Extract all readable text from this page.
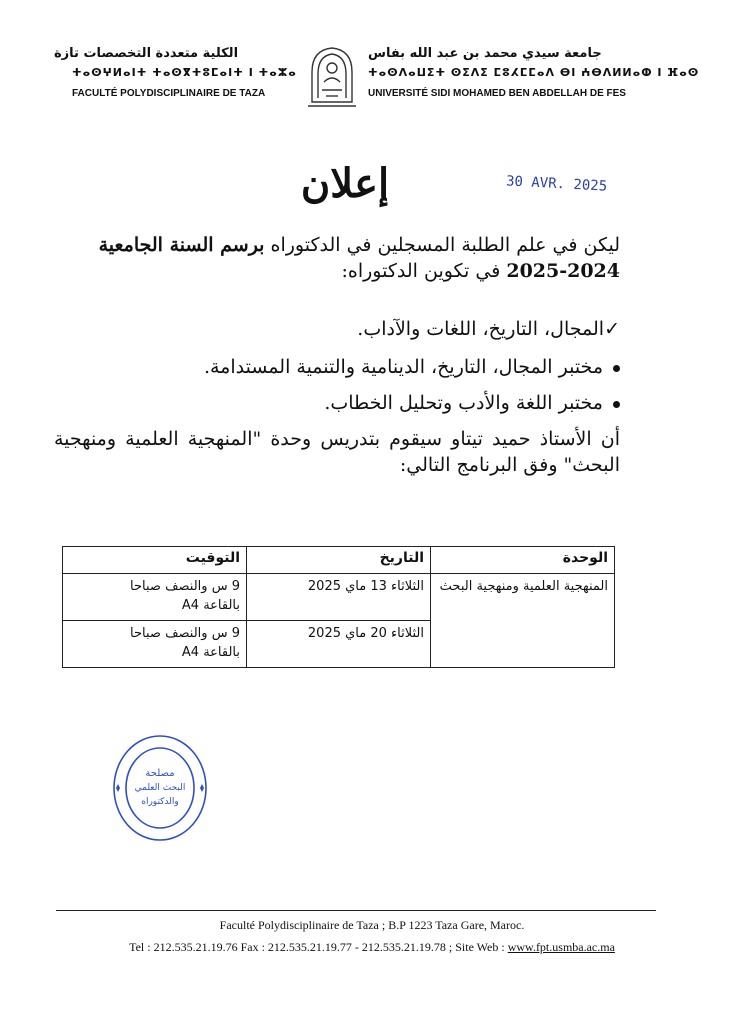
الكلية متعددة التخصصات تازة
ⵜⴰⵙⵖⵍⴰⵏⵜ ⵜⴰⵙⴳⵜⵓⵎⴰⵏⵜ ⵏ ⵜⴰⵣⴰ
FACULTÉ POLYDISCIPLINAIRE DE TAZA
جامعة سيدي محمد بن عبد الله بفاس
ⵜⴰⵙⴷⴰⵡⵉⵜ ⵙⵉⴷⵉ ⵎⵓⵃⵎⵎⴰⴷ ⴱⵏ ⵄⴱⴷⵍⵍⴰⵀ ⵏ ⴼⴰⵙ
UNIVERSITÉ SIDI MOHAMED BEN ABDELLAH DE FES
إعلان	30 AVR. 2025
ليكن في علم الطلبة المسجلين في الدكتوراه برسم السنة الجامعية
2025-2024 في تكوين الدكتوراه:
✓المجال، التاريخ، اللغات والآداب.
مختبر المجال، التاريخ، الدينامية والتنمية المستدامة.
مختبر اللغة والأدب وتحليل الخطاب.
أن الأستاذ حميد تيتاو سيقوم بتدريس وحدة "المنهجية العلمية ومنهجية البحث" وفق البرنامج التالي:
الوحدة	التاريخ	التوقيت
المنهجية العلمية ومنهجية البحث	الثلاثاء 13 ماي 2025	9 س والنصف صباحا
بالقاعة A4

	الثلاثاء 20 ماي 2025	9 س والنصف صباحا
بالقاعة A4
مصلحة
البحث العلمي
والدكتوراه
Faculté Polydisciplinaire de Taza ; B.P 1223 Taza Gare, Maroc.
Tel : 212.535.21.19.76 Fax : 212.535.21.19.77 - 212.535.21.19.78 ; Site Web : www.fpt.usmba.ac.ma
